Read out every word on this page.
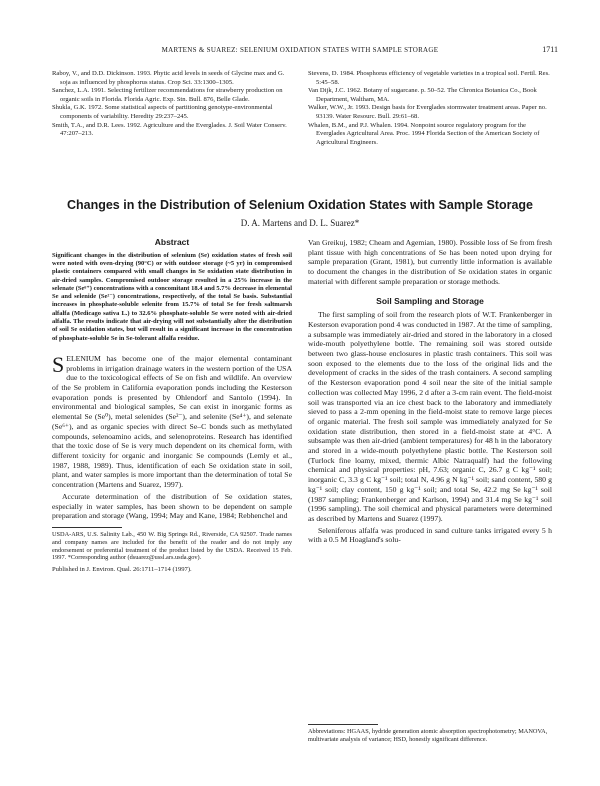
MARTENS & SUAREZ: SELENIUM OXIDATION STATES WITH SAMPLE STORAGE	1711
Raboy, V., and D.D. Dickinson. 1993. Phytic acid levels in seeds of Glycine max and G. soja as influenced by phosphorus status. Crop Sci. 33:1300–1305.
Sanchez, L.A. 1991. Selecting fertilizer recommendations for strawberry production on organic soils in Florida. Florida Agric. Exp. Stn. Bull. 876, Belle Glade.
Shukla, G.K. 1972. Some statistical aspects of partitioning genotype-environmental components of variability. Heredity 29:237–245.
Smith, T.A., and D.R. Lees. 1992. Agriculture and the Everglades. J. Soil Water Conserv. 47:207–213.
Stevens, D. 1984. Phosphorus efficiency of vegetable varieties in a tropical soil. Fertil. Res. 5:45–58.
Van Dijk, J.C. 1962. Botany of sugarcane. p. 50–52. The Chronica Botanica Co., Book Department, Waltham, MA.
Walker, W.W., Jr. 1993. Design basis for Everglades stormwater treatment areas. Paper no. 93139. Water Resourc. Bull. 29:61–68.
Whalen, B.M., and P.J. Whalen. 1994. Nonpoint source regulatory program for the Everglades Agricultural Area. Proc. 1994 Florida Section of the American Society of Agricultural Engineers.
Changes in the Distribution of Selenium Oxidation States with Sample Storage
D. A. Martens and D. L. Suarez*
Abstract
Significant changes in the distribution of selenium (Se) oxidation states of fresh soil were noted with oven-drying (90°C) or with outdoor storage (~5 yr) in compromised plastic containers compared with small changes in Se oxidation state distribution in air-dried samples. Compromised outdoor storage resulted in a 25% increase in the selenate (Se⁶⁺) concentrations with a concomitant 18.4 and 5.7% decrease in elemental Se and selenide (Se²⁻) concentrations, respectively, of the total Se basis. Substantial increases in phosphate-soluble selenite from 15.7% of total Se for fresh saltmarsh alfalfa (Medicago sativa L.) to 32.6% phosphate-soluble Se were noted with air-dried alfalfa. The results indicate that air-drying will not substantially alter the distribution of soil Se oxidation states, but will result in a significant increase in the concentration of phosphate-soluble Se in Se-tolerant alfalfa residue.

SELENIUM has become one of the major elemental contaminant problems in irrigation drainage waters in the western portion of the USA due to the toxicological effects of Se on fish and wildlife. An overview of the Se problem in California evaporation ponds including the Kesterson evaporation ponds is presented by Ohlendorf and Santolo (1994). In environmental and biological samples, Se can exist in inorganic forms as elemental Se (Se⁰), metal selenides (Se²⁻), and selenite (Se⁴⁺), and selenate (Se⁶⁺), and as organic species with direct Se–C bonds such as methylated compounds, selenoamino acids, and selenoproteins. Research has identified that the toxic dose of Se is very much dependent on its chemical form, with different toxicity for organic and inorganic Se compounds (Lemly et al., 1987, 1988, 1989). Thus, identification of each Se oxidation state in soil, plant, and water samples is more important than the determination of total Se concentration (Martens and Suarez, 1997).

Accurate determination of the distribution of Se oxidation states, especially in water samples, has been shown to be dependent on sample preparation and storage (Wang, 1994; May and Kane, 1984; Rebhenchel and

USDA-ARS, U.S. Salinity Lab., 450 W. Big Springs Rd., Riverside, CA 92507. Trade names and company names are included for the benefit of the reader and do not imply any endorsement or preferential treatment of the product listed by the USDA. Received 15 Feb. 1997. *Corresponding author (dsuarez@ussl.ars.usda.gov).
Published in J. Environ. Qual. 26:1711–1714 (1997).

Van Greikuj, 1982; Cheam and Agemian, 1980). Possible loss of Se from fresh plant tissue with high concentrations of Se has been noted upon drying for sample preparation (Grant, 1981), but currently little information is available to document the changes in the distribution of Se oxidation states in organic material with different sample preparation or storage methods.

Soil Sampling and Storage

The first sampling of soil from the research plots of W.T. Frankenberger in Kesterson evaporation pond 4 was conducted in 1987. At the time of sampling, a subsample was immediately air-dried and stored in the laboratory in a closed wide-mouth polyethylene bottle. The remaining soil was stored outside between two glass-house enclosures in plastic trash containers. This soil was soon exposed to the elements due to the loss of the original lids and the development of cracks in the sides of the trash containers. A second sampling of the Kesterson evaporation pond 4 soil near the site of the initial sample collection was collected May 1996, 2 d after a 3-cm rain event. The field-moist soil was transported via an ice chest back to the laboratory and immediately sieved to pass a 2-mm opening in the field-moist state to remove large pieces of organic material. The fresh soil sample was immediately analyzed for Se oxidation state distribution, then stored in a field-moist state at 4°C. A subsample was then air-dried (ambient temperatures) for 48 h in the laboratory and stored in a wide-mouth polyethylene plastic bottle. The Kesterson soil (Turlock fine loamy, mixed, thermic Albic Natraqualf) had the following chemical and physical properties: pH, 7.63; organic C, 26.7 g C kg⁻¹ soil; inorganic C, 3.3 g C kg⁻¹ soil; total N, 4.96 g N kg⁻¹ soil; sand content, 580 g kg⁻¹ soil; clay content, 150 g kg⁻¹ soil; and total Se, 42.2 mg Se kg⁻¹ soil (1987 sampling; Frankenberger and Karlson, 1994) and 31.4 mg Se kg⁻¹ soil (1996 sampling). The soil chemical and physical parameters were determined as described by Martens and Suarez (1997).

Seleniferous alfalfa was produced in sand culture tanks irrigated every 5 h with a 0.5 M Hoagland's solu-

Abbreviations: HGAAS, hydride generation atomic absorption spectrophotometry; MANOVA, multivariate analysis of variance; HSD, honestly significant difference.
